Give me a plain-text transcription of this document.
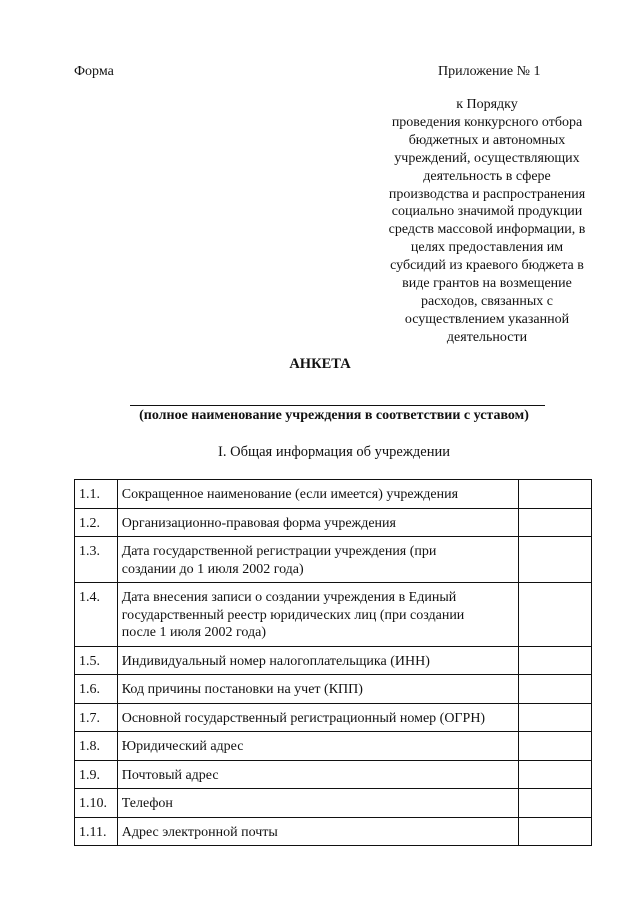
Форма	Приложение № 1
к Порядку
проведения конкурсного отбора
бюджетных и автономных
учреждений, осуществляющих
деятельность в сфере
производства и распространения
социально значимой продукции
средств массовой информации, в
целях предоставления им
субсидий из краевого бюджета в
виде грантов на возмещение
расходов, связанных с
осуществлением указанной
деятельности
АНКЕТА
(полное наименование учреждения в соответствии с уставом)
I. Общая информация об учреждении
1.1.	Сокращенное наименование (если имеется) учреждения	

1.2.	Организационно-правовая форма учреждения	

1.3.	Дата государственной регистрации учреждения (при
создании до 1 июля 2002 года)	

1.4.	Дата внесения записи о создании учреждения в Единый
государственный реестр юридических лиц (при создании
после 1 июля 2002 года)	

1.5.	Индивидуальный номер налогоплательщика (ИНН)	

1.6.	Код причины постановки на учет (КПП)	

1.7.	Основной государственный регистрационный номер (ОГРН)	

1.8.	Юридический адрес	

1.9.	Почтовый адрес	

1.10.	Телефон	

1.11.	Адрес электронной почты	
